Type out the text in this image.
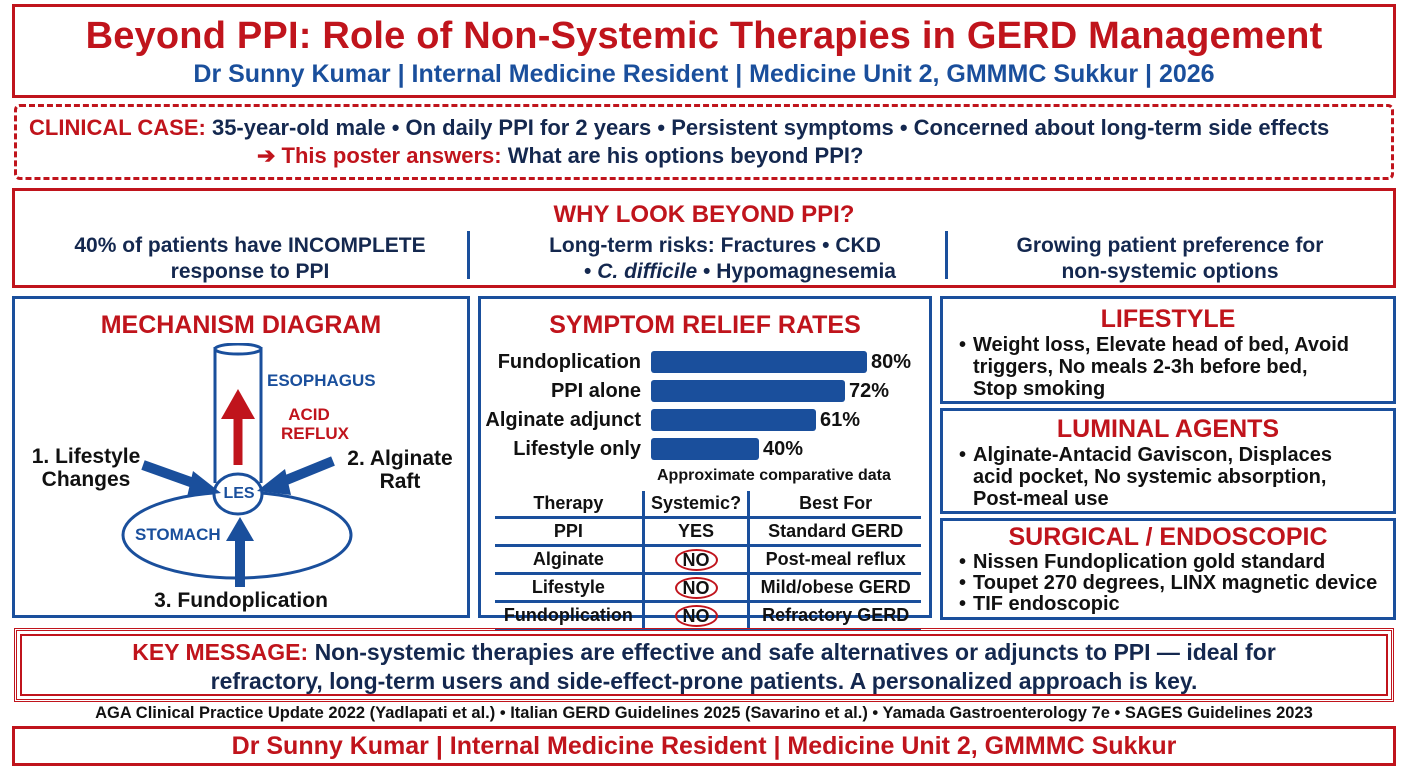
Beyond PPI: Role of Non-Systemic Therapies in GERD Management
Dr Sunny Kumar | Internal Medicine Resident | Medicine Unit 2, GMMMC Sukkur | 2026
CLINICAL CASE: 35-year-old male • On daily PPI for 2 years • Persistent symptoms • Concerned about long-term side effects
➔ This poster answers: What are his options beyond PPI?
WHY LOOK BEYOND PPI?
40% of patients have INCOMPLETE
response to PPI
Long-term risks: Fractures • CKD
• C. difficile • Hypomagnesemia
Growing patient preference for
non-systemic options
MECHANISM DIAGRAM
ESOPHAGUS
ACID
REFLUX
LES
STOMACH
1. Lifestyle
Changes
2. Alginate
Raft
3. Fundoplication
SYMPTOM RELIEF RATES
Fundoplication	80%
PPI alone	72%
Alginate adjunct	61%
Lifestyle only	40%
Approximate comparative data
Therapy	Systemic?	Best For
PPI	YES	Standard GERD
Alginate	NO	Post-meal reflux
Lifestyle	NO	Mild/obese GERD
Fundoplication	NO	Refractory GERD
LIFESTYLE
• Weight loss, Elevate head of bed, Avoid
triggers, No meals 2-3h before bed,
Stop smoking
LUMINAL AGENTS
• Alginate-Antacid Gaviscon, Displaces
acid pocket, No systemic absorption,
Post-meal use
SURGICAL / ENDOSCOPIC
• Nissen Fundoplication gold standard
• Toupet 270 degrees, LINX magnetic device
• TIF endoscopic
KEY MESSAGE: Non-systemic therapies are effective and safe alternatives or adjuncts to PPI — ideal for
refractory, long-term users and side-effect-prone patients. A personalized approach is key.
AGA Clinical Practice Update 2022 (Yadlapati et al.) • Italian GERD Guidelines 2025 (Savarino et al.) • Yamada Gastroenterology 7e • SAGES Guidelines 2023
Dr Sunny Kumar | Internal Medicine Resident | Medicine Unit 2, GMMMC Sukkur
